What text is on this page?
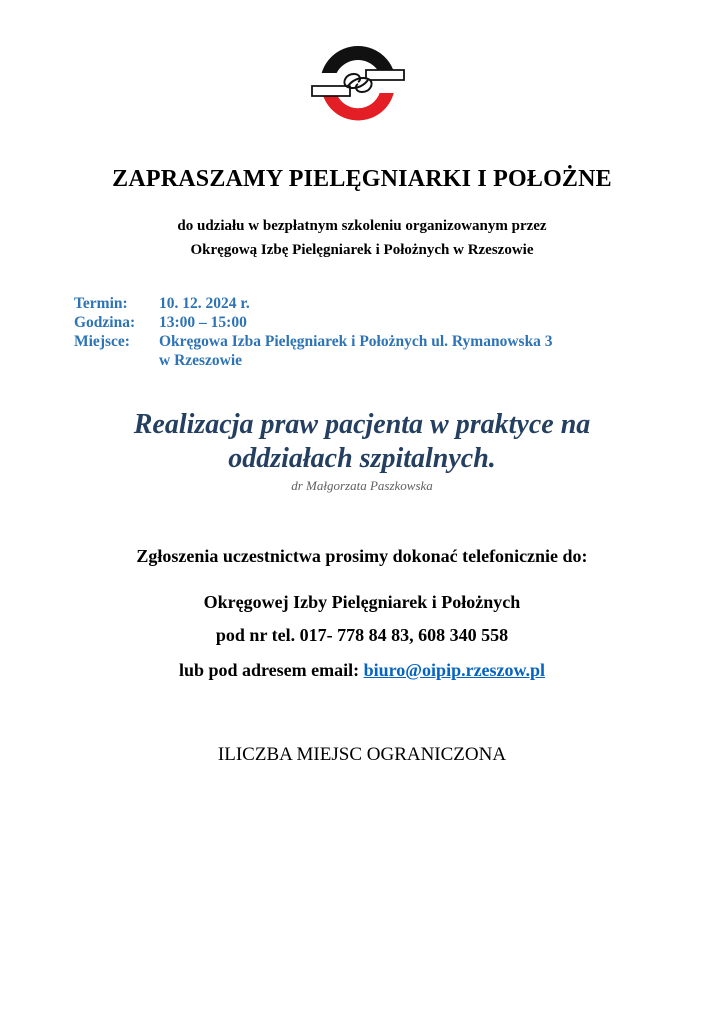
ZAPRASZAMY PIELĘGNIARKI I POŁOŻNE
do udziału w bezpłatnym szkoleniu organizowanym przez
Okręgową Izbę Pielęgniarek i Położnych w Rzeszowie
Termin:	10. 12. 2024 r.
Godzina:	13:00 – 15:00
Miejsce:	Okręgowa Izba Pielęgniarek i Położnych ul. Rymanowska 3
w Rzeszowie
Realizacja praw pacjenta w praktyce na
oddziałach szpitalnych.
dr Małgorzata Paszkowska
Zgłoszenia uczestnictwa prosimy dokonać telefonicznie do:
Okręgowej Izby Pielęgniarek i Położnych
pod nr tel. 017- 778 84 83, 608 340 558
lub pod adresem email: biuro@oipip.rzeszow.pl
ILICZBA MIEJSC OGRANICZONA
